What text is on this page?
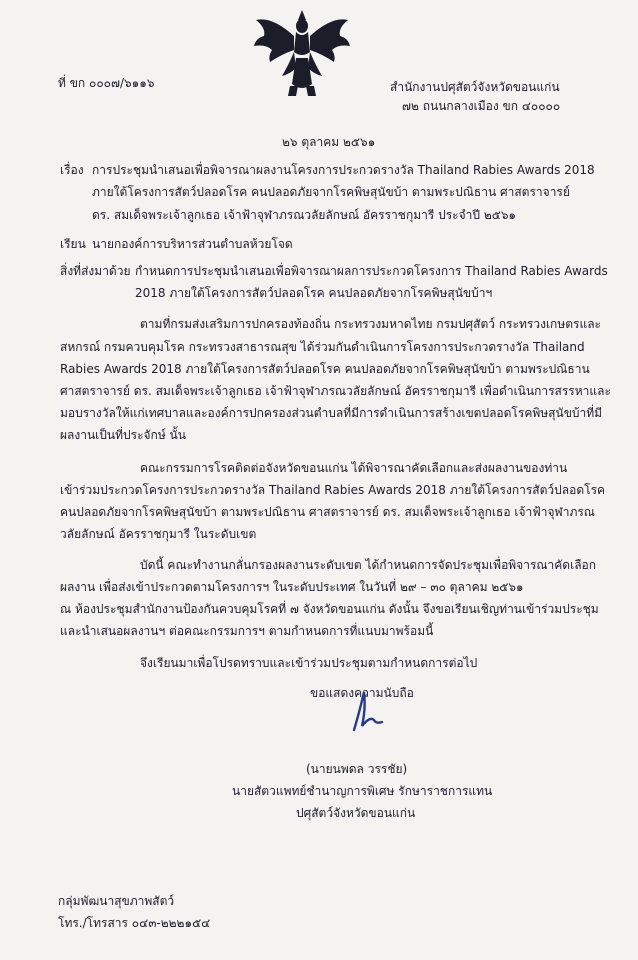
ที่ ขก ๐๐๐๗/๖๑๑๖	สำนักงานปศุสัตว์จังหวัดขอนแก่น
๗๒ ถนนกลางเมือง ขก ๔๐๐๐๐
๒๖ ตุลาคม ๒๕๖๑
เรื่อง การประชุมนำเสนอเพื่อพิจารณาผลงานโครงการประกวดรางวัล Thailand Rabies Awards 2018
ภายใต้โครงการสัตว์ปลอดโรค คนปลอดภัยจากโรคพิษสุนัขบ้า ตามพระปณิธาน ศาสตราจารย์
ดร. สมเด็จพระเจ้าลูกเธอ เจ้าฟ้าจุฬาภรณวลัยลักษณ์ อัครราชกุมารี ประจำปี ๒๕๖๑
เรียน นายกองค์การบริหารส่วนตำบลห้วยโจด
สิ่งที่ส่งมาด้วย กำหนดการประชุมนำเสนอเพื่อพิจารณาผลการประกวดโครงการ Thailand Rabies Awards
2018 ภายใต้โครงการสัตว์ปลอดโรค คนปลอดภัยจากโรคพิษสุนัขบ้าฯ
ตามที่กรมส่งเสริมการปกครองท้องถิ่น กระทรวงมหาดไทย กรมปศุสัตว์ กระทรวงเกษตรและ
สหกรณ์ กรมควบคุมโรค กระทรวงสาธารณสุข ได้ร่วมกันดำเนินการโครงการประกวดรางวัล Thailand
Rabies Awards 2018 ภายใต้โครงการสัตว์ปลอดโรค คนปลอดภัยจากโรคพิษสุนัขบ้า ตามพระปณิธาน
ศาสตราจารย์ ดร. สมเด็จพระเจ้าลูกเธอ เจ้าฟ้าจุฬาภรณวลัยลักษณ์ อัครราชกุมารี เพื่อดำเนินการสรรหาและ
มอบรางวัลให้แก่เทศบาลและองค์การปกครองส่วนตำบลที่มีการดำเนินการสร้างเขตปลอดโรคพิษสุนัขบ้าที่มี
ผลงานเป็นที่ประจักษ์ นั้น
คณะกรรมการโรคติดต่อจังหวัดขอนแก่น ได้พิจารณาคัดเลือกและส่งผลงานของท่าน
เข้าร่วมประกวดโครงการประกวดรางวัล Thailand Rabies Awards 2018 ภายใต้โครงการสัตว์ปลอดโรค
คนปลอดภัยจากโรคพิษสุนัขบ้า ตามพระปณิธาน ศาสตราจารย์ ดร. สมเด็จพระเจ้าลูกเธอ เจ้าฟ้าจุฬาภรณ
วลัยลักษณ์ อัครราชกุมารี ในระดับเขต
บัดนี้ คณะทำงานกลั่นกรองผลงานระดับเขต ได้กำหนดการจัดประชุมเพื่อพิจารณาคัดเลือก
ผลงาน เพื่อส่งเข้าประกวดตามโครงการฯ ในระดับประเทศ ในวันที่ ๒๙ – ๓๐ ตุลาคม ๒๕๖๑
ณ ห้องประชุมสำนักงานป้องกันควบคุมโรคที่ ๗ จังหวัดขอนแก่น ดังนั้น จึงขอเรียนเชิญท่านเข้าร่วมประชุม
และนำเสนอผลงานฯ ต่อคณะกรรมการฯ ตามกำหนดการที่แนบมาพร้อมนี้
จึงเรียนมาเพื่อโปรดทราบและเข้าร่วมประชุมตามกำหนดการต่อไป
ขอแสดงความนับถือ
(นายนพดล วรรชัย)
นายสัตวแพทย์ชำนาญการพิเศษ รักษาราชการแทน
ปศุสัตว์จังหวัดขอนแก่น
กลุ่มพัฒนาสุขภาพสัตว์
โทร./โทรสาร ๐๔๓-๒๒๒๑๕๔
